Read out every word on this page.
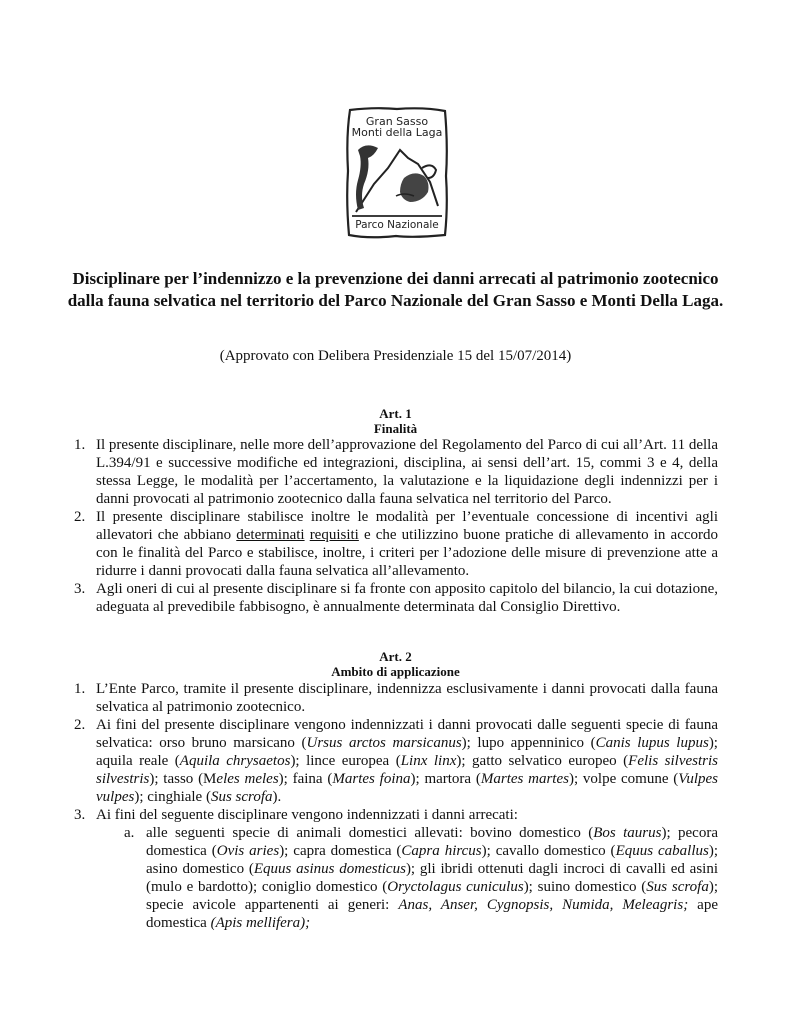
Gran Sasso
Monti della Laga
Parco Nazionale
Disciplinare per l’indennizzo e la prevenzione dei danni arrecati al patrimonio zootecnico dalla fauna selvatica nel territorio del Parco Nazionale del Gran Sasso e Monti Della Laga.
(Approvato con Delibera Presidenziale 15 del 15/07/2014)
Art. 1
Finalità
1. Il presente disciplinare, nelle more dell’approvazione del Regolamento del Parco di cui all’Art. 11 della L.394/91 e successive modifiche ed integrazioni, disciplina, ai sensi dell’art. 15, commi 3 e 4, della stessa Legge, le modalità per l’accertamento, la valutazione e la liquidazione degli indennizzi per i danni provocati al patrimonio zootecnico dalla fauna selvatica nel territorio del Parco.
2. Il presente disciplinare stabilisce inoltre le modalità per l’eventuale concessione di incentivi agli allevatori che abbiano determinati requisiti e che utilizzino buone pratiche di allevamento in accordo con le finalità del Parco e stabilisce, inoltre, i criteri per l’adozione delle misure di prevenzione atte a ridurre i danni provocati dalla fauna selvatica all’allevamento.
3. Agli oneri di cui al presente disciplinare si fa fronte con apposito capitolo del bilancio, la cui dotazione, adeguata al prevedibile fabbisogno, è annualmente determinata dal Consiglio Direttivo.
Art. 2
Ambito di applicazione
1. L’Ente Parco, tramite il presente disciplinare, indennizza esclusivamente i danni provocati dalla fauna selvatica al patrimonio zootecnico.
2. Ai fini del presente disciplinare vengono indennizzati i danni provocati dalle seguenti specie di fauna selvatica: orso bruno marsicano (Ursus arctos marsicanus); lupo appenninico (Canis lupus lupus); aquila reale (Aquila chrysaetos); lince europea (Linx linx); gatto selvatico europeo (Felis silvestris silvestris); tasso (Meles meles); faina (Martes foina); martora (Martes martes); volpe comune (Vulpes vulpes); cinghiale (Sus scrofa).
3. Ai fini del seguente disciplinare vengono indennizzati i danni arrecati:
a. alle seguenti specie di animali domestici allevati: bovino domestico (Bos taurus); pecora domestica (Ovis aries); capra domestica (Capra hircus); cavallo domestico (Equus caballus); asino domestico (Equus asinus domesticus); gli ibridi ottenuti dagli incroci di cavalli ed asini (mulo e bardotto); coniglio domestico (Oryctolagus cuniculus); suino domestico (Sus scrofa); specie avicole appartenenti ai generi: Anas, Anser, Cygnopsis, Numida, Meleagris; ape domestica (Apis mellifera);
